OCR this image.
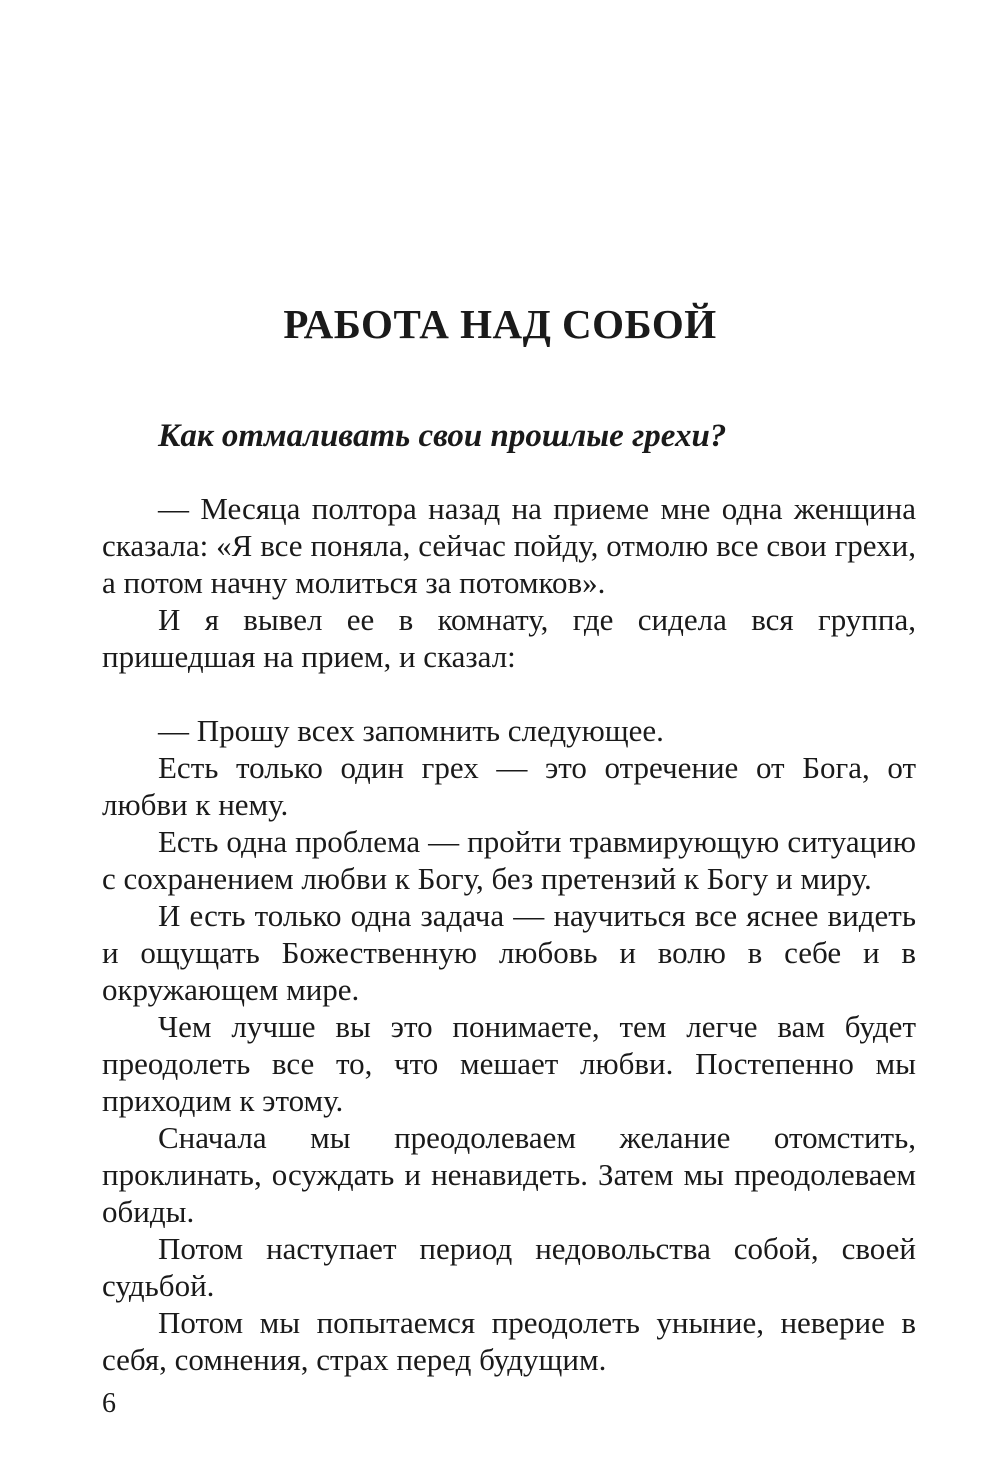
РАБОТА НАД СОБОЙ
Как отмаливать свои прошлые грехи?

— Месяца полтора назад на приеме мне одна женщина сказала: «Я все поняла, сейчас пойду, отмолю все свои грехи, а потом начну молиться за потомков».

И я вывел ее в комнату, где сидела вся группа, пришедшая на прием, и сказал:

— Прошу всех запомнить следующее.

Есть только один грех — это отречение от Бога, от любви к нему.

Есть одна проблема — пройти травмирующую ситуацию с сохранением любви к Богу, без претензий к Богу и миру.

И есть только одна задача — научиться все яснее видеть и ощущать Божественную любовь и волю в себе и в окружающем мире.

Чем лучше вы это понимаете, тем легче вам будет преодолеть все то, что мешает любви. Постепенно мы приходим к этому.

Сначала мы преодолеваем желание отомстить, проклинать, осуждать и ненавидеть. Затем мы преодолеваем обиды.

Потом наступает период недовольства собой, своей судьбой.

Потом мы попытаемся преодолеть уныние, неверие в себя, сомнения, страх перед будущим.

6
